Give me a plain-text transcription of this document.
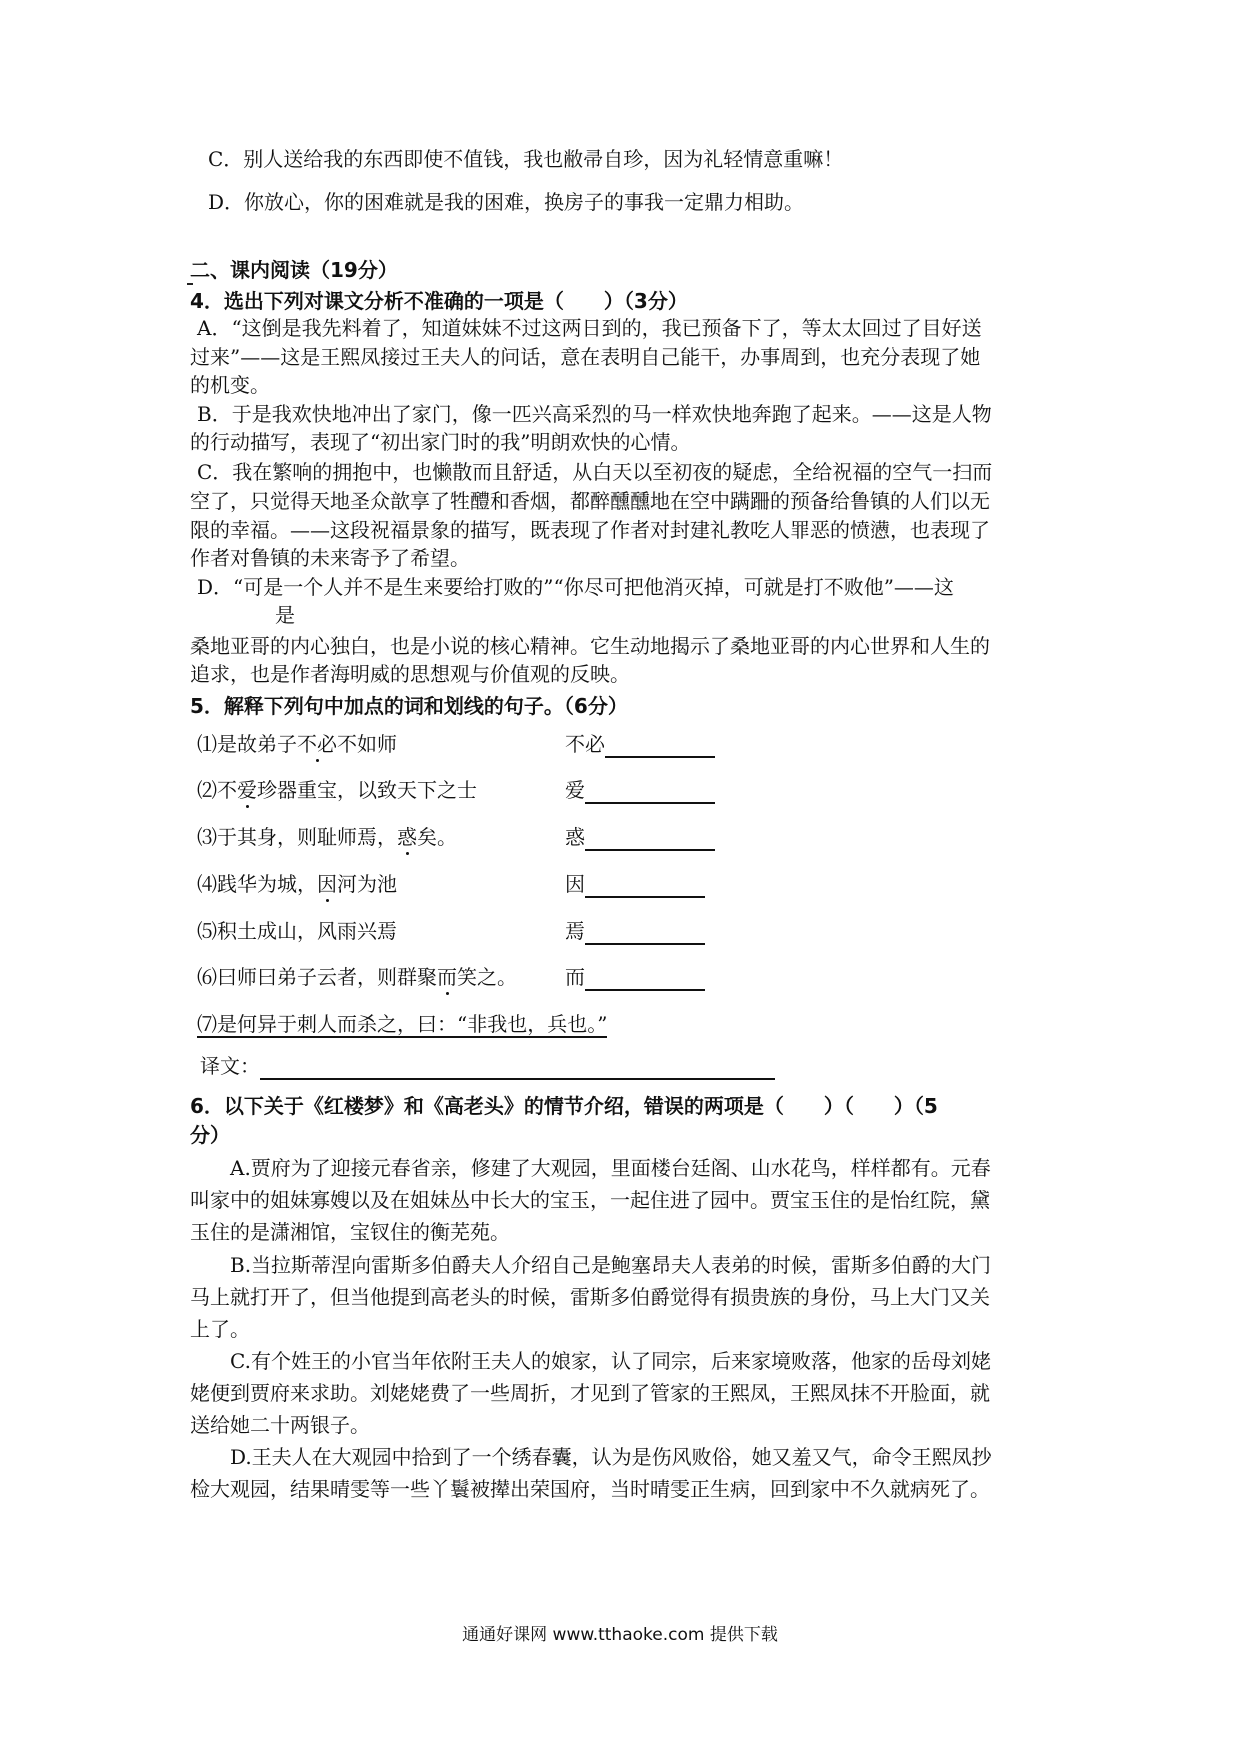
C．别人送给我的东西即使不值钱，我也敝帚自珍，因为礼轻情意重嘛！
D．你放心，你的困难就是我的困难，换房子的事我一定鼎力相助。
二、课内阅读（19分）
4．选出下列对课文分析不准确的一项是（　　）（3分）
A．“这倒是我先料着了，知道妹妹不过这两日到的，我已预备下了，等太太回过了目好送
过来”——这是王熙凤接过王夫人的问话，意在表明自己能干，办事周到，也充分表现了她
的机变。
B．于是我欢快地冲出了家门，像一匹兴高采烈的马一样欢快地奔跑了起来。——这是人物
的行动描写，表现了“初出家门时的我”明朗欢快的心情。
C．我在繁响的拥抱中，也懒散而且舒适，从白天以至初夜的疑虑，全给祝福的空气一扫而
空了，只觉得天地圣众歆享了牲醴和香烟，都醉醺醺地在空中蹒跚的预备给鲁镇的人们以无
限的幸福。——这段祝福景象的描写，既表现了作者对封建礼教吃人罪恶的愤懑，也表现了
作者对鲁镇的未来寄予了希望。
D．“可是一个人并不是生来要给打败的”“你尽可把他消灭掉，可就是打不败他”——这
是
桑地亚哥的内心独白，也是小说的核心精神。它生动地揭示了桑地亚哥的内心世界和人生的
追求，也是作者海明威的思想观与价值观的反映。
5．解释下列句中加点的词和划线的句子。（6分）
⑴是故弟子不必不如师	不必
⑵不爱珍器重宝，以致天下之士	爱
⑶于其身，则耻师焉，惑矣。	惑
⑷践华为城，因河为池	因
⑸积土成山，风雨兴焉	焉
⑹曰师曰弟子云者，则群聚而笑之。 而
⑺是何异于刺人而杀之，曰：“非我也，兵也。”
译文：
6．以下关于《红楼梦》和《高老头》的情节介绍，错误的两项是（　　）（　　）（5
分）
A.贾府为了迎接元春省亲，修建了大观园，里面楼台廷阁、山水花鸟，样样都有。元春
叫家中的姐妹寡嫂以及在姐妹丛中长大的宝玉，一起住进了园中。贾宝玉住的是怡红院，黛
玉住的是潇湘馆，宝钗住的衡芜苑。
B.当拉斯蒂涅向雷斯多伯爵夫人介绍自己是鲍塞昂夫人表弟的时候，雷斯多伯爵的大门
马上就打开了，但当他提到高老头的时候，雷斯多伯爵觉得有损贵族的身份，马上大门又关
上了。
C.有个姓王的小官当年依附王夫人的娘家，认了同宗，后来家境败落，他家的岳母刘姥
姥便到贾府来求助。刘姥姥费了一些周折，才见到了管家的王熙凤，王熙凤抹不开脸面，就
送给她二十两银子。
D.王夫人在大观园中拾到了一个绣春囊，认为是伤风败俗，她又羞又气，命令王熙凤抄
检大观园，结果晴雯等一些丫鬟被撵出荣国府，当时晴雯正生病，回到家中不久就病死了。
通通好课网 www.tthaoke.com 提供下载
